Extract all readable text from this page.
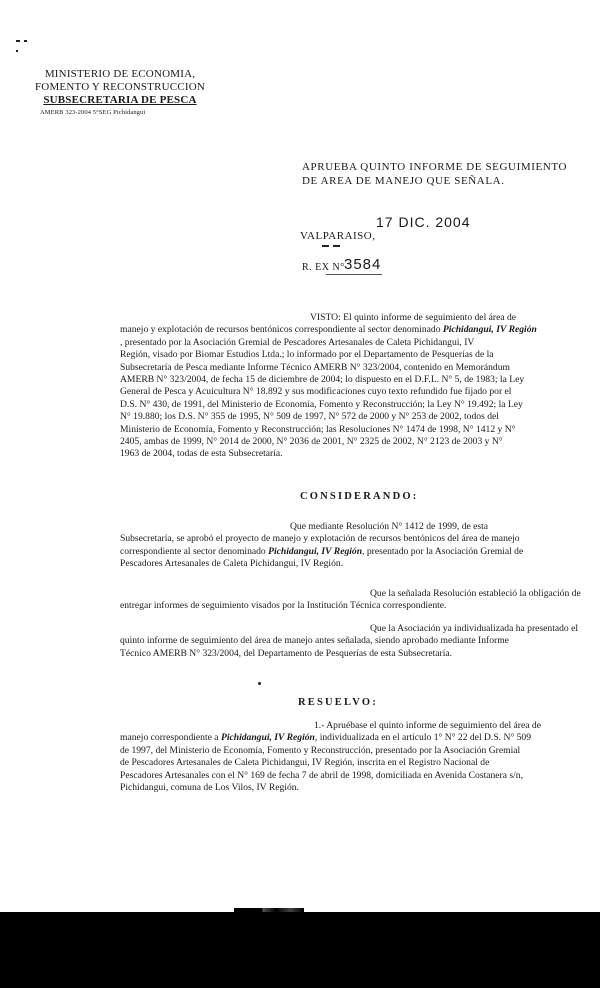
MINISTERIO DE ECONOMIA,
FOMENTO Y RECONSTRUCCION
SUBSECRETARIA DE PESCA
AMERB 323-2004 5°SEG Pichidangui
APRUEBA QUINTO INFORME DE SEGUIMIENTO
DE AREA DE MANEJO QUE SEÑALA.
VALPARAISO,
17 DIC. 2004
R. EX N° 3584
VISTO: El quinto informe de seguimiento del área de
manejo y explotación de recursos bentónicos correspondiente al sector denominado Pichidangui, IV Región
, presentado por la Asociación Gremial de Pescadores Artesanales de Caleta Pichidangui, IV
Región, visado por Biomar Estudios Ltda.; lo informado por el Departamento de Pesquerías de la
Subsecretaría de Pesca mediante Informe Técnico AMERB N° 323/2004, contenido en Memorándum
AMERB N° 323/2004, de fecha 15 de diciembre de 2004; lo dispuesto en el D.F.L. N° 5, de 1983; la Ley
General de Pesca y Acuicultura N° 18.892 y sus modificaciones cuyo texto refundido fue fijado por el
D.S. N° 430, de 1991, del Ministerio de Economía, Fomento y Reconstrucción; la Ley N° 19.492; la Ley
N° 19.880; los D.S. N° 355 de 1995, N° 509 de 1997, N° 572 de 2000 y N° 253 de 2002, todos del
Ministerio de Economía, Fomento y Reconstrucción; las Resoluciones N° 1474 de 1998, N° 1412 y N°
2405, ambas de 1999, N° 2014 de 2000, N° 2036 de 2001, N° 2325 de 2002, N° 2123 de 2003 y N°
1963 de 2004, todas de esta Subsecretaría.
CONSIDERANDO:
Que mediante Resolución N° 1412 de 1999, de esta
Subsecretaría, se aprobó el proyecto de manejo y explotación de recursos bentónicos del área de manejo
correspondiente al sector denominado Pichidangui, IV Región, presentado por la Asociación Gremial de
Pescadores Artesanales de Caleta Pichidangui, IV Región.
Que la señalada Resolución estableció la obligación de
entregar informes de seguimiento visados por la Institución Técnica correspondiente.
Que la Asociación ya individualizada ha presentado el
quinto informe de seguimiento del área de manejo antes señalada, siendo aprobado mediante Informe
Técnico AMERB N° 323/2004, del Departamento de Pesquerías de esta Subsecretaría.
RESUELVO:
1.- Apruébase el quinto informe de seguimiento del área de
manejo correspondiente a Pichidangui, IV Región, individualizada en el artículo 1° N° 22 del D.S. N° 509
de 1997, del Ministerio de Economía, Fomento y Reconstrucción, presentado por la Asociación Gremial
de Pescadores Artesanales de Caleta Pichidangui, IV Región, inscrita en el Registro Nacional de
Pescadores Artesanales con el N° 169 de fecha 7 de abril de 1998, domiciliada en Avenida Costanera s/n,
Pichidangui, comuna de Los Vilos, IV Región.
